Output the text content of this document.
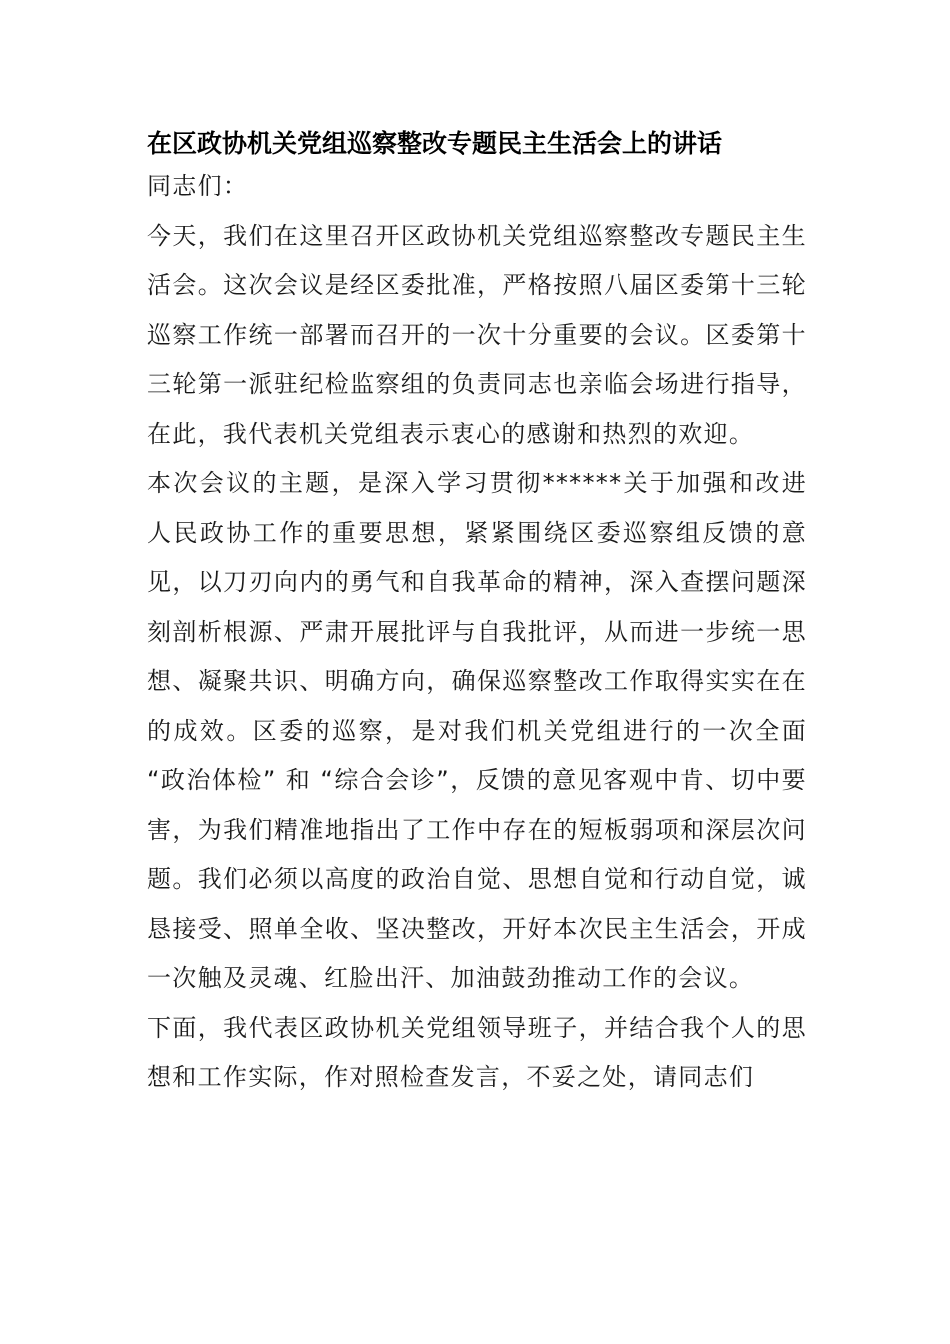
在区政协机关党组巡察整改专题民主生活会上的讲话

同志们：

今天，我们在这里召开区政协机关党组巡察整改专题民主生活会。这次会议是经区委批准，严格按照八届区委第十三轮巡察工作统一部署而召开的一次十分重要的会议。区委第十三轮第一派驻纪检监察组的负责同志也亲临会场进行指导，在此，我代表机关党组表示衷心的感谢和热烈的欢迎。

本次会议的主题，是深入学习贯彻******关于加强和改进人民政协工作的重要思想，紧紧围绕区委巡察组反馈的意见，以刀刃向内的勇气和自我革命的精神，深入查摆问题深刻剖析根源、严肃开展批评与自我批评，从而进一步统一思想、凝聚共识、明确方向，确保巡察整改工作取得实实在在的成效。区委的巡察，是对我们机关党组进行的一次全面 “政治体检” 和 “综合会诊”，反馈的意见客观中肯、切中要害，为我们精准地指出了工作中存在的短板弱项和深层次问题。我们必须以高度的政治自觉、思想自觉和行动自觉，诚恳接受、照单全收、坚决整改，开好本次民主生活会，开成一次触及灵魂、红脸出汗、加油鼓劲推动工作的会议。

下面，我代表区政协机关党组领导班子，并结合我个人的思想和工作实际，作对照检查发言，不妥之处，请同志们
